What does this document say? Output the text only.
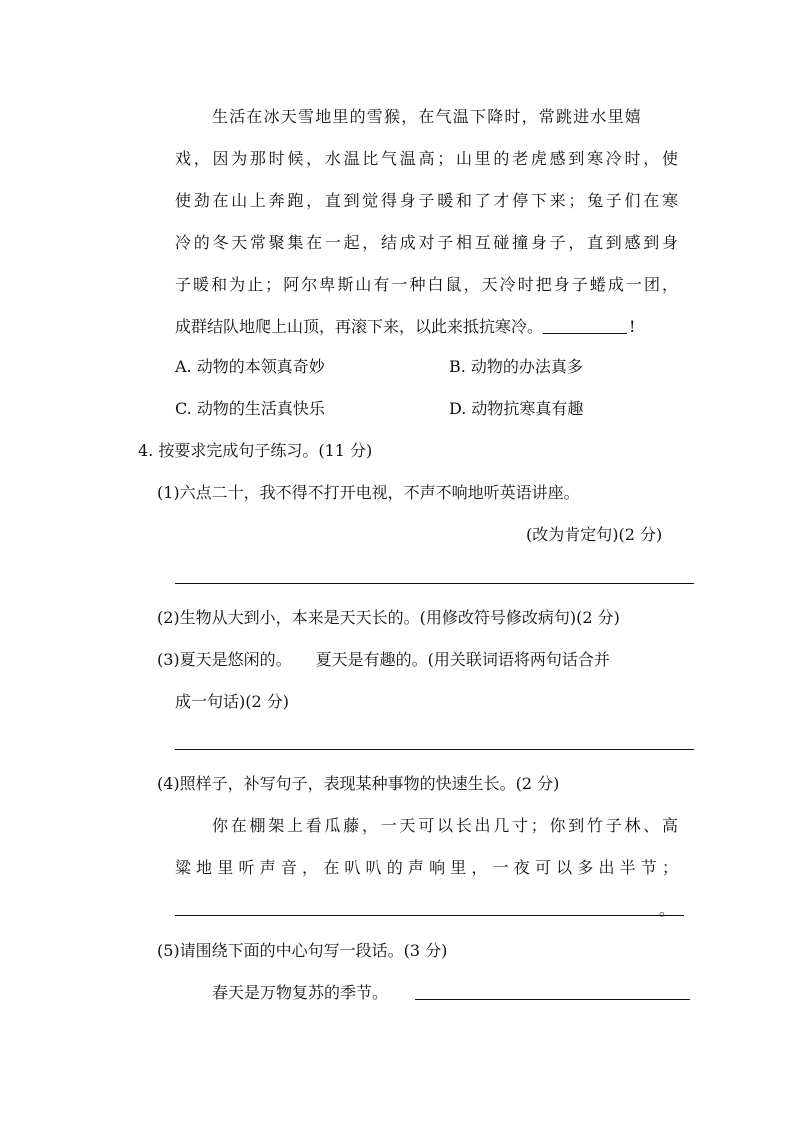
生活在冰天雪地里的雪猴，在气温下降时，常跳进水里嬉
戏，因为那时候，水温比气温高；山里的老虎感到寒冷时，使
使劲在山上奔跑，直到觉得身子暖和了才停下来；兔子们在寒
冷的冬天常聚集在一起，结成对子相互碰撞身子，直到感到身
子暖和为止；阿尔卑斯山有一种白鼠，天冷时把身子蜷成一团，
成群结队地爬上山顶，再滚下来，以此来抵抗寒冷。	!
A. 动物的本领真奇妙	B. 动物的办法真多
C. 动物的生活真快乐	D. 动物抗寒真有趣
4. 按要求完成句子练习。(11 分)
(1)六点二十，我不得不打开电视，不声不响地听英语讲座。
(改为肯定句)(2 分)
(2)生物从大到小，本来是天天长的。(用修改符号修改病句)(2 分)
(3)夏天是悠闲的。　　夏天是有趣的。(用关联词语将两句话合并
成一句话)(2 分)
(4)照样子，补写句子，表现某种事物的快速生长。(2 分)
你在棚架上看瓜藤，一天可以长出几寸；你到竹子林、高
粱地里听声音，在叭叭的声响里，一夜可以多出半节；
。
(5)请围绕下面的中心句写一段话。(3 分)
春天是万物复苏的季节。
